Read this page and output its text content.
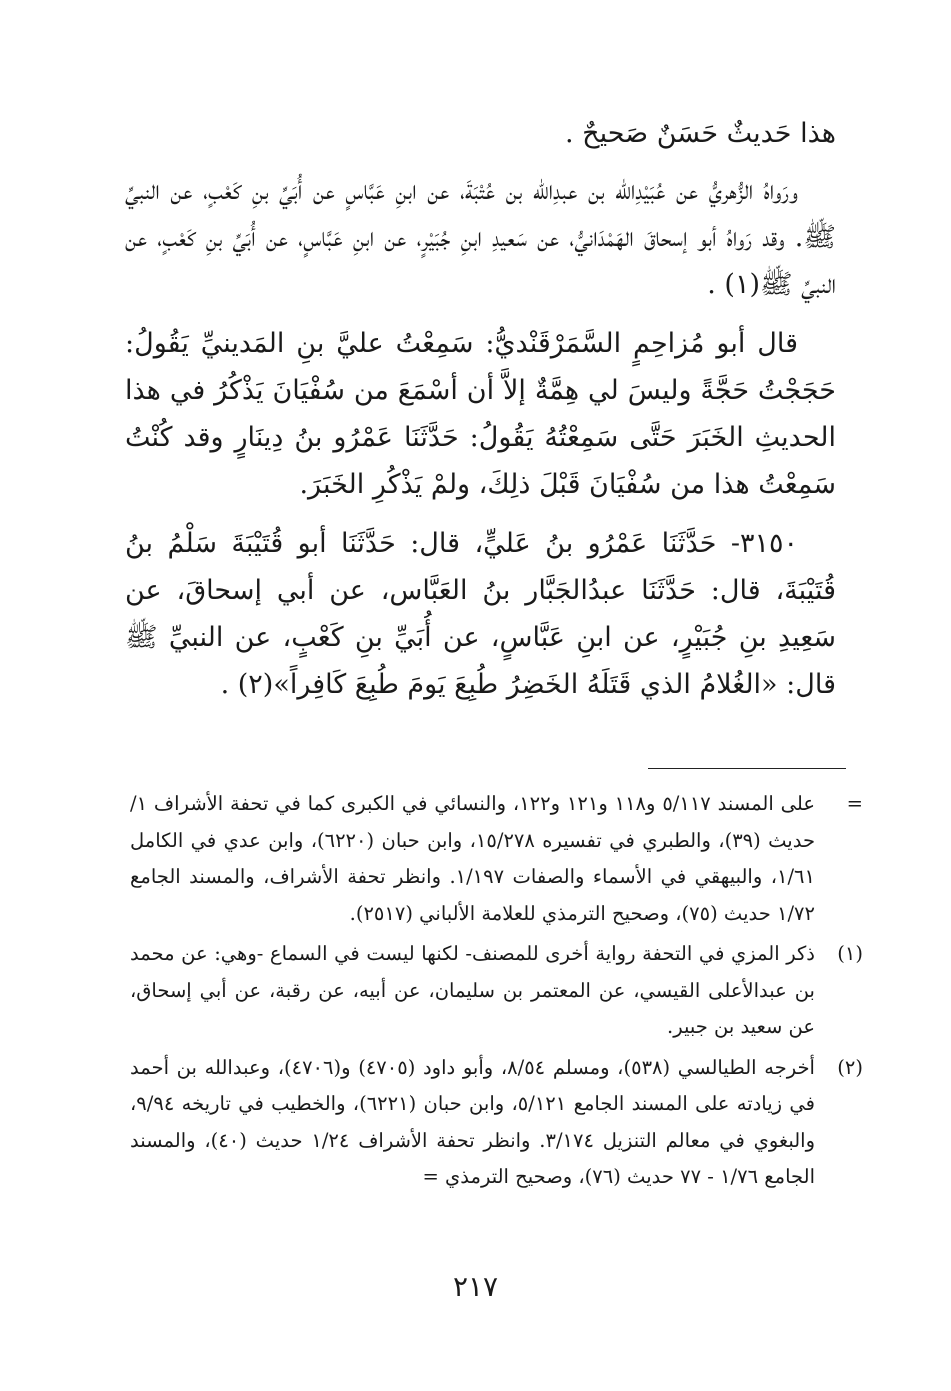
هذا حَديثٌ حَسَنٌ صَحيحٌ .

ورَواهُ الزُّهريُّ عن عُبَيْدِالله بن عبدِالله بن عُتْبَةَ، عن ابنِ عَبَّاسٍ عن أُبَيِّ بنِ كَعْبٍ، عن النبيِّ ﷺ. وقد رَواهُ أبو إسحاقَ الهَمْدَانيُّ، عن سَعيدِ ابنِ جُبَيْرٍ، عن ابنِ عَبَّاسٍ، عن أُبَيِّ بنِ كَعْبٍ، عن النبيِّ ﷺ(١) .

قال أبو مُزاحِمٍ السَّمَرْقَنْديُّ: سَمِعْتُ عليَّ بنِ المَدينيِّ يَقُولُ: حَجَجْتُ حَجَّةً وليسَ لي هِمَّةٌ إلاَّ أن أسْمَعَ من سُفْيَانَ يَذْكُرُ في هذا الحديثِ الخَبَرَ حَتَّى سَمِعْتُهُ يَقُولُ: حَدَّثَنَا عَمْرُو بنُ دِينَارٍ وقد كُنْتُ سَمِعْتُ هذا من سُفْيَانَ قَبْلَ ذلِكَ، ولمْ يَذْكُرِ الخَبَرَ.

٣١٥٠- حَدَّثَنَا عَمْرُو بنُ عَليٍّ، قال: حَدَّثَنَا أبو قُتَيْبَةَ سَلْمُ بنُ قُتَيْبَةَ، قال: حَدَّثَنَا عبدُالجَبَّار بنُ العَبَّاس، عن أبي إسحاقَ، عن سَعِيدِ بنِ جُبَيْرٍ، عن ابنِ عَبَّاسٍ، عن أُبَيِّ بنِ كَعْبٍ، عن النبيِّ ﷺ قال: «الغُلامُ الذي قَتَلَهُ الخَضِرُ طُبِعَ يَومَ طُبِعَ كَافِراً»(٢) .

=
على المسند ٥/١١٧ و١١٨ و١٢١ و١٢٢، والنسائي في الكبرى كما في تحفة الأشراف ١/حديث (٣٩)، والطبري في تفسيره ١٥/٢٧٨، وابن حبان (٦٢٢٠)، وابن عدي في الكامل ١/٦١، والبيهقي في الأسماء والصفات ١/١٩٧. وانظر تحفة الأشراف، والمسند الجامع ١/٧٢ حديث (٧٥)، وصحيح الترمذي للعلامة الألباني (٢٥١٧).
(١)
ذكر المزي في التحفة رواية أخرى للمصنف- لكنها ليست في السماع -وهي: عن محمد بن عبدالأعلى القيسي، عن المعتمر بن سليمان، عن أبيه، عن رقبة، عن أبي إسحاق، عن سعيد بن جبير.
(٢)
أخرجه الطيالسي (٥٣٨)، ومسلم ٨/٥٤، وأبو داود (٤٧٠٥) و(٤٧٠٦)، وعبدالله بن أحمد في زيادته على المسند الجامع ٥/١٢١، وابن حبان (٦٢٢١)، والخطيب في تاريخه ٩/٩٤، والبغوي في معالم التنزيل ٣/١٧٤. وانظر تحفة الأشراف ١/٢٤ حديث (٤٠)، والمسند الجامع ١/٧٦ - ٧٧ حديث (٧٦)، وصحيح الترمذي =
٢١٧
